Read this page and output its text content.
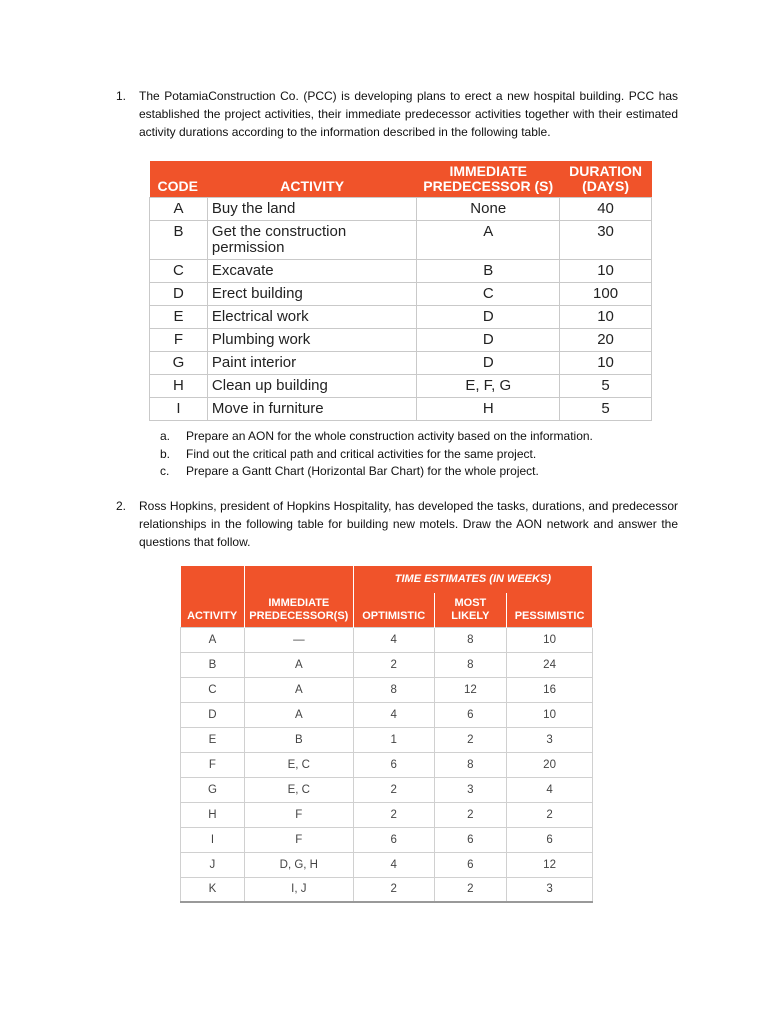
1. The PotamiaConstruction Co. (PCC) is developing plans to erect a new hospital building. PCC has established the project activities, their immediate predecessor activities together with their estimated activity durations according to the information described in the following table.

CODE	ACTIVITY	IMMEDIATE PREDECESSOR (S)	DURATION (DAYS)
A	Buy the land	None	40
B	Get the construction permission	A	30
C	Excavate	B	10
D	Erect building	C	100
E	Electrical work	D	10
F	Plumbing work	D	20
G	Paint interior	D	10
H	Clean up building	E, F, G	5
I	Move in furniture	H	5
a. Prepare an AON for the whole construction activity based on the information.
b. Find out the critical path and critical activities for the same project.
c. Prepare a Gantt Chart (Horizontal Bar Chart) for the whole project.
2. Ross Hopkins, president of Hopkins Hospitality, has developed the tasks, durations, and predecessor relationships in the following table for building new motels. Draw the AON network and answer the questions that follow.

ACTIVITY	IMMEDIATE PREDECESSOR(S)	TIME ESTIMATES (IN WEEKS)		
		OPTIMISTIC	MOST LIKELY	PESSIMISTIC
A	—	4	8	10
B	A	2	8	24
C	A	8	12	16
D	A	4	6	10
E	B	1	2	3
F	E, C	6	8	20
G	E, C	2	3	4
H	F	2	2	2
I	F	6	6	6
J	D, G, H	4	6	12
K	I, J	2	2	3
